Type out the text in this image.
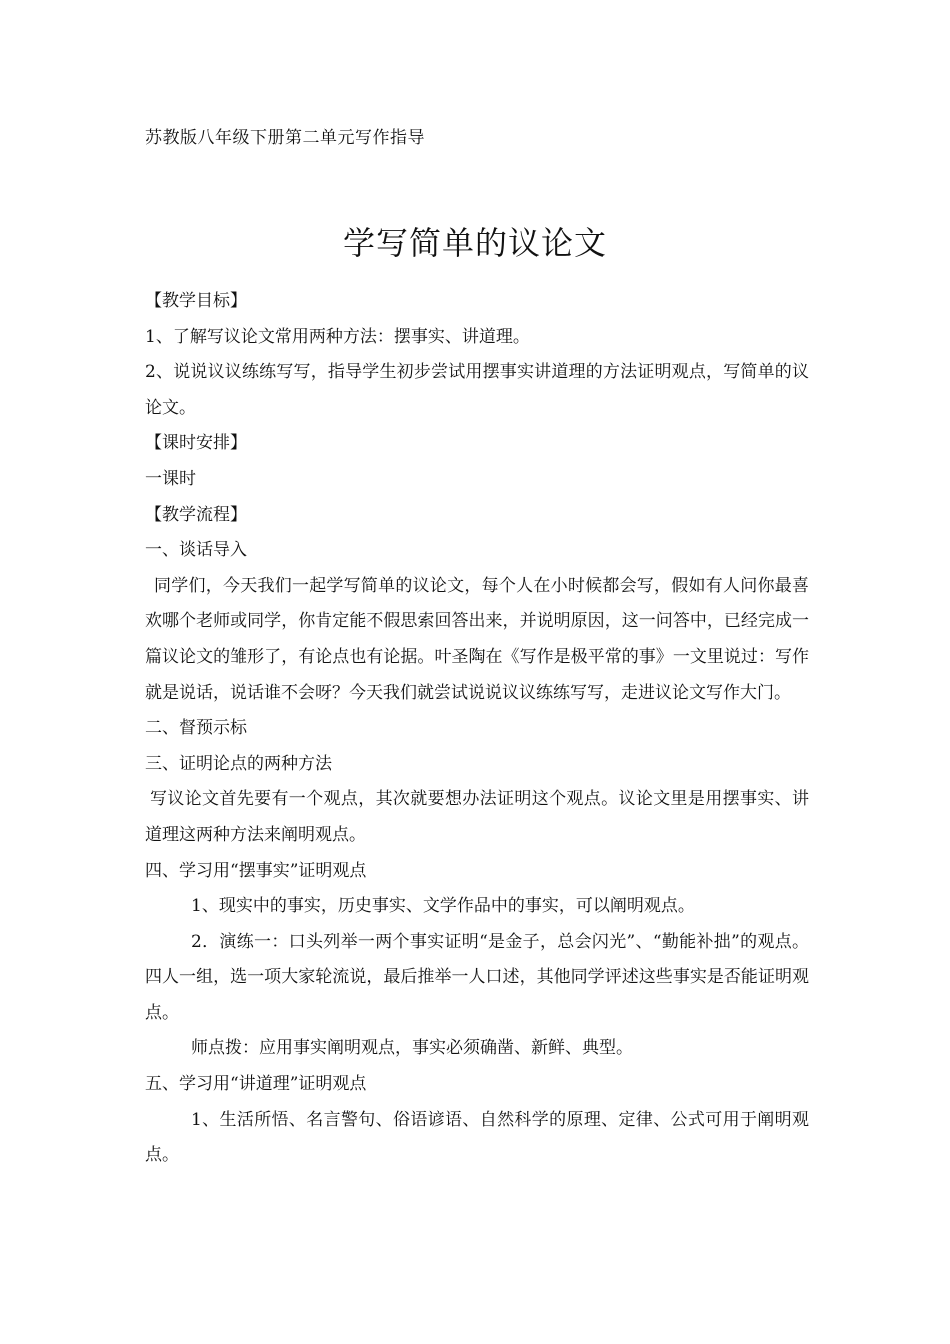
苏教版八年级下册第二单元写作指导
学写简单的议论文

【教学目标】

1、了解写议论文常用两种方法：摆事实、讲道理。

2、说说议议练练写写，指导学生初步尝试用摆事实讲道理的方法证明观点，写简单的议论文。

【课时安排】

一课时

【教学流程】

一、谈话导入

同学们，今天我们一起学写简单的议论文，每个人在小时候都会写，假如有人问你最喜欢哪个老师或同学，你肯定能不假思索回答出来，并说明原因，这一问答中，已经完成一篇议论文的雏形了，有论点也有论据。叶圣陶在《写作是极平常的事》一文里说过：写作就是说话，说话谁不会呀？今天我们就尝试说说议议练练写写，走进议论文写作大门。

二、督预示标

三、证明论点的两种方法

写议论文首先要有一个观点，其次就要想办法证明这个观点。议论文里是用摆事实、讲道理这两种方法来阐明观点。

四、学习用“摆事实”证明观点

1、现实中的事实，历史事实、文学作品中的事实，可以阐明观点。

2．演练一：口头列举一两个事实证明“是金子，总会闪光”、“勤能补拙”的观点。四人一组，选一项大家轮流说，最后推举一人口述，其他同学评述这些事实是否能证明观点。

师点拨：应用事实阐明观点，事实必须确凿、新鲜、典型。

五、学习用“讲道理”证明观点

1、生活所悟、名言警句、俗语谚语、自然科学的原理、定律、公式可用于阐明观点。
